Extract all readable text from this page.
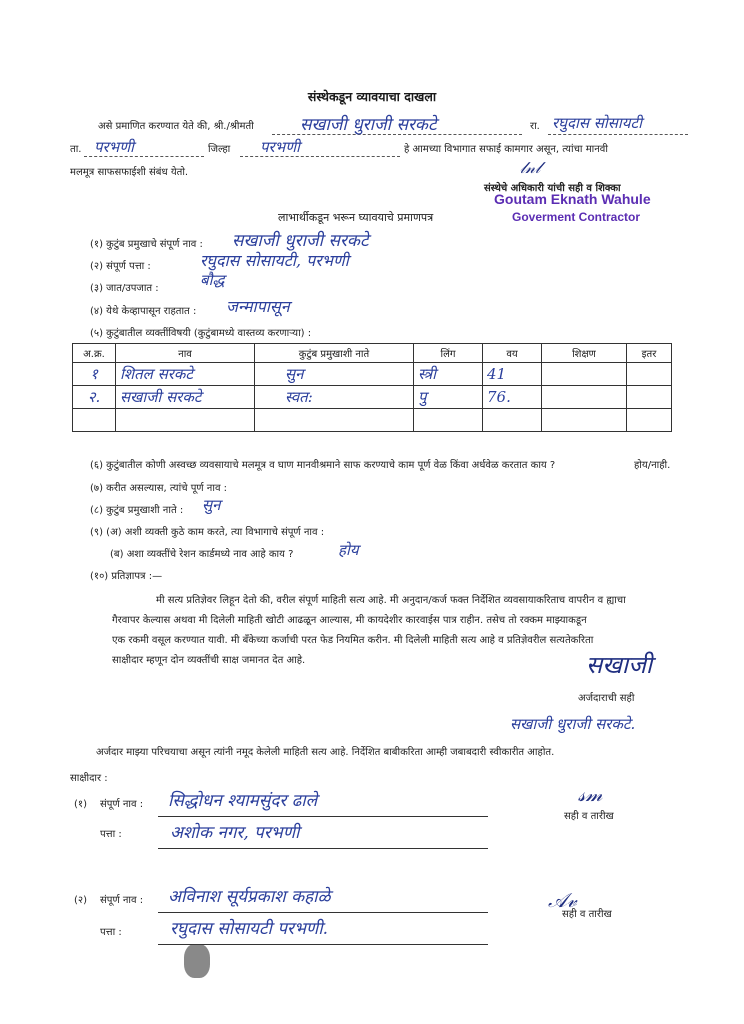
संस्थेकडून व्यावयाचा दाखला
असे प्रमाणित करण्यात येते की, श्री./श्रीमती	सखाजी धुराजी सरकटे	रा. रघुदास सोसायटी
ता. परभणी	जिल्हा परभणी	हे आमच्या विभागात सफाई कामगार असून, त्यांचा मानवी
मलमूत्र साफसफाईशी संबंध येतो.	𝓁𝓃𝓁
संस्थेचे अधिकारी यांची सही व शिक्का
Goutam Eknath Wahule
Goverment Contractor
लाभार्थीकडून भरून घ्यावयाचे प्रमाणपत्र
(१) कुटुंब प्रमुखाचे संपूर्ण नाव : सखाजी धुराजी सरकटे
(२) संपूर्ण पत्ता :	रघुदास सोसायटी, परभणी
(३) जात/उपजात :	बौद्ध
(४) येथे केव्हापासून राहतात : जन्मापासून
(५) कुटुंबातील व्यक्तींविषयी (कुटुंबामध्ये वास्तव्य करणाऱ्या) :
अ.क्र.	नाव	कुटुंब प्रमुखाशी नाते	लिंग	वय	शिक्षण	इतर
१	शितल सरकटे	सुन	स्त्री	41		
२.	सखाजी सरकटे	स्वत:	पु	76.		

(६) कुटुंबातील कोणी अस्वच्छ व्यवसायाचे मलमूत्र व घाण मानवीश्रमाने साफ करण्याचे काम पूर्ण वेळ किंवा अर्धवेळ करतात काय ?	होय/नाही.
(७) करीत असल्यास, त्यांचे पूर्ण नाव :
(८) कुटुंब प्रमुखाशी नाते : सुन
(९) (अ) अशी व्यक्ती कुठे काम करते, त्या विभागाचे संपूर्ण नाव :
(ब) अशा व्यक्तींचे रेशन कार्डमध्ये नाव आहे काय ?	होय
(१०) प्रतिज्ञापत्र :—
मी सत्य प्रतिज्ञेवर लिहून देतो की, वरील संपूर्ण माहिती सत्य आहे. मी अनुदान/कर्ज फक्त निर्देशित व्यवसायाकरिताच वापरीन व ह्याचा
गैरवापर केल्यास अथवा मी दिलेली माहिती खोटी आढळून आल्यास, मी कायदेशीर कारवाईस पात्र राहीन. तसेच तो रक्कम माझ्याकडून
एक रकमी वसूल करण्यात यावी. मी बँकेच्या कर्जाची परत फेड नियमित करीन. मी दिलेली माहिती सत्य आहे व प्रतिज्ञेवरील सत्यतेकरिता
साक्षीदार म्हणून दोन व्यक्तींची साक्ष जमानत देत आहे.	सखाजी
अर्जदाराची सही
सखाजी धुराजी सरकटे.
अर्जदार माझ्या परिचयाचा असून त्यांनी नमूद केलेली माहिती सत्य आहे. निर्देशित बाबीकरिता आम्ही जबाबदारी स्वीकारीत आहोत.
साक्षीदार :
(१) संपूर्ण नाव : सिद्धोधन श्यामसुंदर ढाले
पत्ता :	अशोक नगर, परभणी
𝓈𝓂
सही व तारीख
(२) संपूर्ण नाव : अविनाश सूर्यप्रकाश कहाळे
पत्ता :	रघुदास सोसायटी परभणी.
𝒜𝓋
सही व तारीख
